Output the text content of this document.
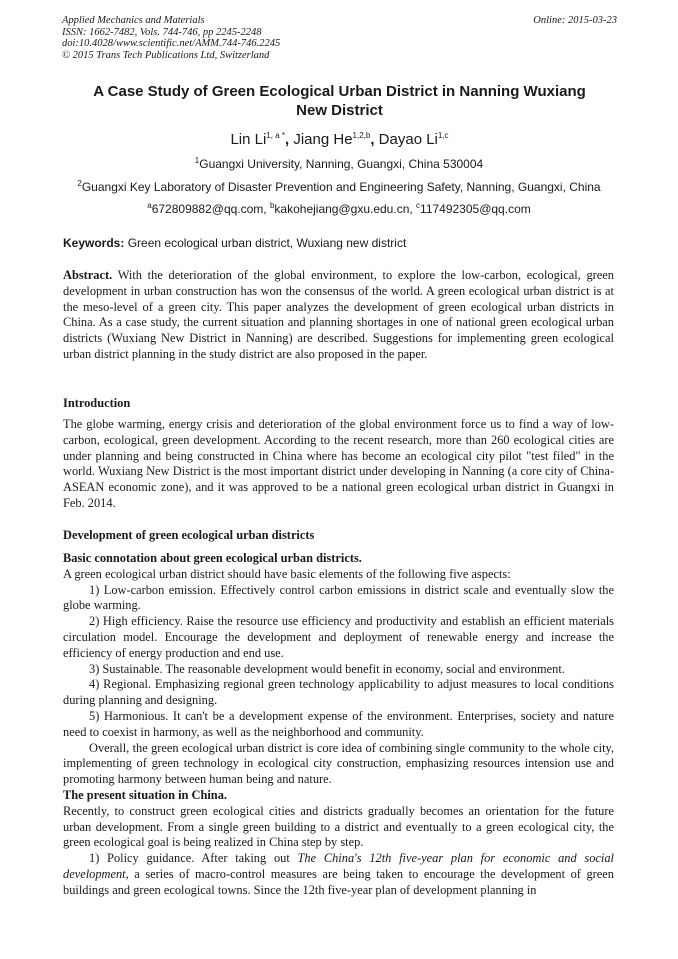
Applied Mechanics and Materials
ISSN: 1662-7482, Vols. 744-746, pp 2245-2248
doi:10.4028/www.scientific.net/AMM.744-746.2245
© 2015 Trans Tech Publications Ltd, Switzerland
Online: 2015-03-23
A Case Study of Green Ecological Urban District in Nanning Wuxiang
New District
Lin $Li^{1, a *}$, Jiang He$^{1,2,b}$, Dayao Li$^{1,c}$
$^1$Guangxi University, Nanning, Guangxi, China 530004
$^2$Guangxi Key Laboratory of Disaster Prevention and Engineering Safety, Nanning, Guangxi, China
$^a$672809882@qq.com, $^b$kakohejiang@gxu.edu.cn, $^c$117492305@qq.com
Keywords: Green ecological urban district, Wuxiang new district

Abstract. With the deterioration of the global environment, to explore the low-carbon, ecological, green development in urban construction has won the consensus of the world. A green ecological urban district is at the meso-level of a green city. This paper analyzes the development of green ecological urban districts in China. As a case study, the current situation and planning shortages in one of national green ecological urban districts (Wuxiang New District in Nanning) are described. Suggestions for implementing green ecological urban district planning in the study district are also proposed in the paper.

Introduction

The globe warming, energy crisis and deterioration of the global environment force us to find a way of low-carbon, ecological, green development. According to the recent research, more than 260 ecological cities are under planning and being constructed in China where has become an ecological city pilot "test filed" in the world. Wuxiang New District is the most important district under developing in Nanning (a core city of China-ASEAN economic zone), and it was approved to be a national green ecological urban district in Guangxi in Feb. 2014.

Development of green ecological urban districts

Basic connotation about green ecological urban districts.

A green ecological urban district should have basic elements of the following five aspects:

1) Low-carbon emission. Effectively control carbon emissions in district scale and eventually slow the globe warming.

2) High efficiency. Raise the resource use efficiency and productivity and establish an efficient materials circulation model. Encourage the development and deployment of renewable energy and increase the efficiency of energy production and end use.

3) Sustainable. The reasonable development would benefit in economy, social and environment.

4) Regional. Emphasizing regional green technology applicability to adjust measures to local conditions during planning and designing.

5) Harmonious. It can't be a development expense of the environment. Enterprises, society and nature need to coexist in harmony, as well as the neighborhood and community.

Overall, the green ecological urban district is core idea of combining single community to the whole city, implementing of green technology in ecological city construction, emphasizing resources intension use and promoting harmony between human being and nature.

The present situation in China.

Recently, to construct green ecological cities and districts gradually becomes an orientation for the future urban development. From a single green building to a district and eventually to a green ecological city, the green ecological goal is being realized in China step by step.

1) Policy guidance. After taking out The China's 12th five-year plan for economic and social development, a series of macro-control measures are being taken to encourage the development of green buildings and green ecological towns. Since the 12th five-year plan of development planning in
